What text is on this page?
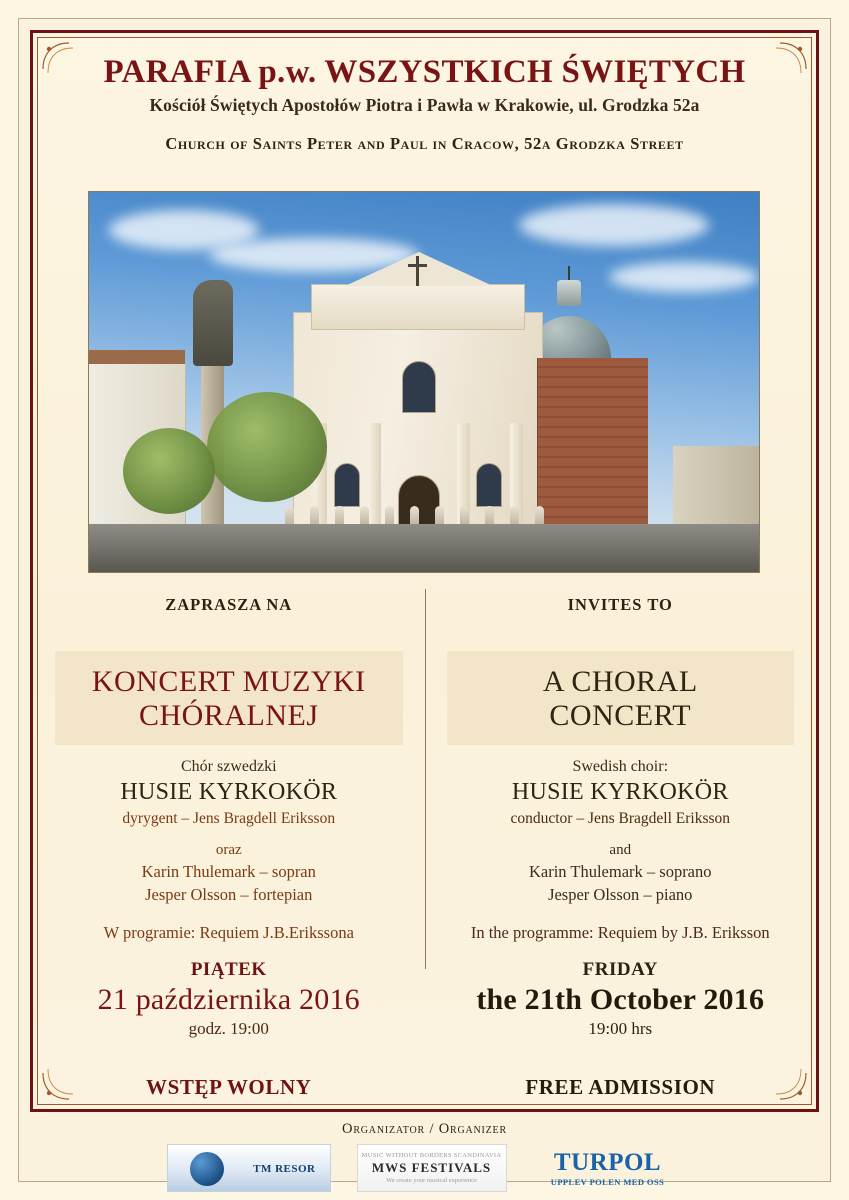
PARAFIA p.w. WSZYSTKICH ŚWIĘTYCH
Kościół Świętych Apostołów Piotra i Pawła w Krakowie, ul. Grodzka 52a
Church of Saints Peter and Paul in Cracow, 52a Grodzka Street
ZAPRASZA NA
KONCERT MUZYKI
CHÓRALNEJ
Chór szwedzki
HUSIE KYRKOKÖR
dyrygent – Jens Bragdell Eriksson
oraz
Karin Thulemark – sopran
Jesper Olsson – fortepian
W programie: Requiem J.B.Erikssona
PIĄTEK
21 października 2016
godz. 19:00
WSTĘP WOLNY
INVITES TO
A CHORAL
CONCERT
Swedish choir:
HUSIE KYRKOKÖR
conductor – Jens Bragdell Eriksson
and
Karin Thulemark – soprano
Jesper Olsson – piano
In the programme: Requiem by J.B. Eriksson
FRIDAY
the 21th October 2016
19:00 hrs
FREE ADMISSION
Organizator / Organizer
TM RESOR
MUSIC WITHOUT BORDERS SCANDINAVIA
MWS FESTIVALS
We create your musical experience
TURPOL
UPPLEV POLEN MED OSS
